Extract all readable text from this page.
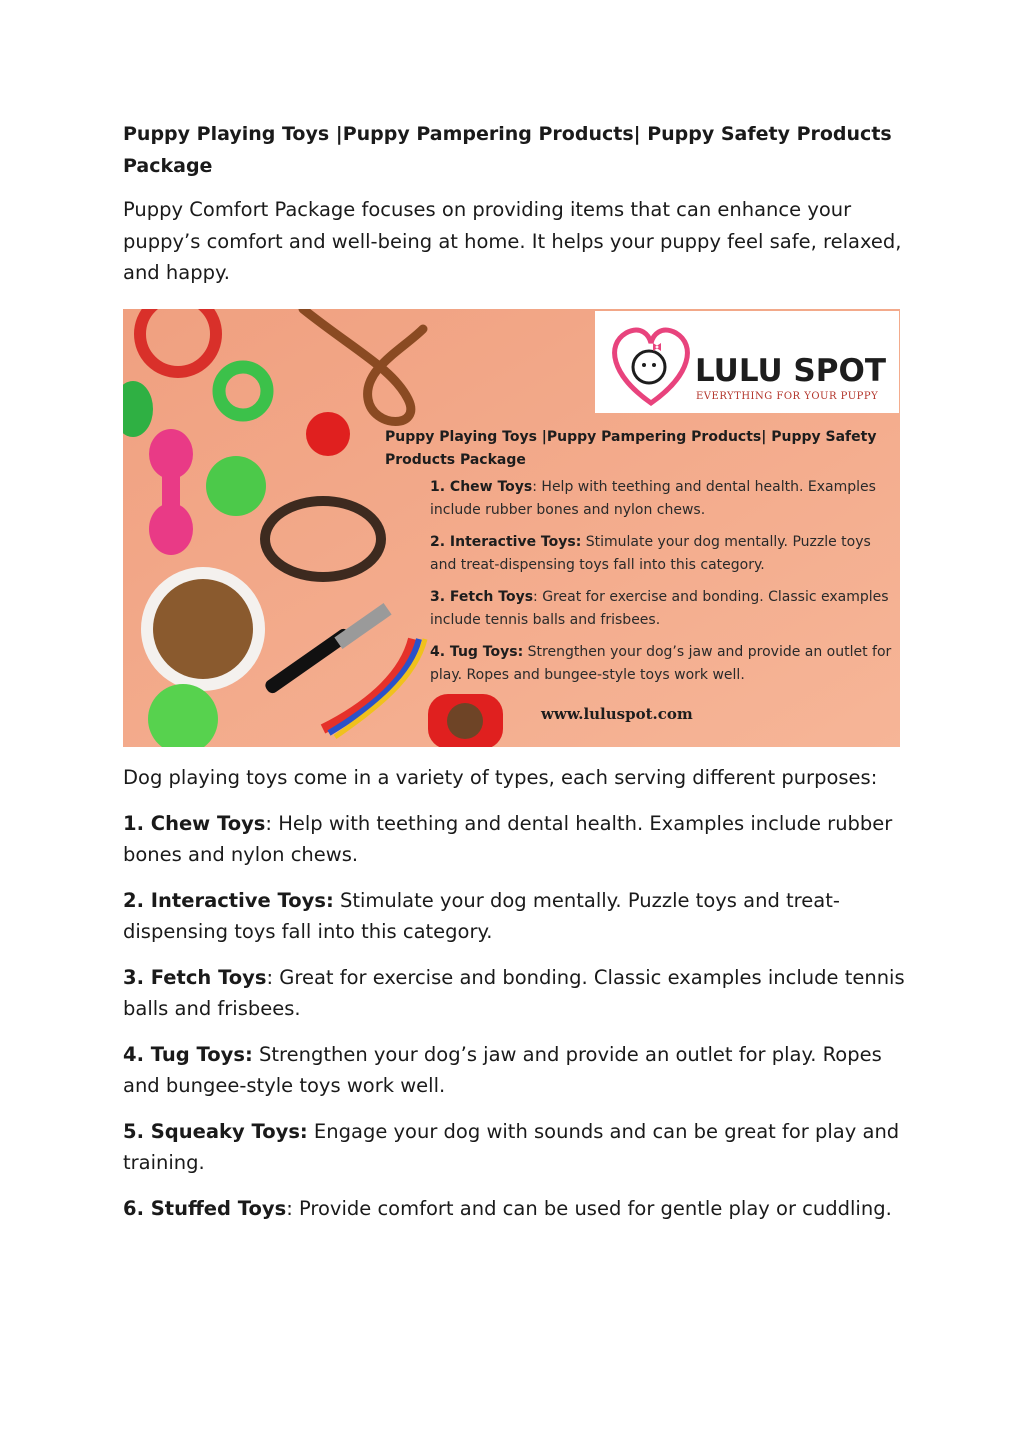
Puppy Playing Toys |Puppy Pampering Products| Puppy Safety Products Package

Puppy Comfort Package focuses on providing items that can enhance your puppy’s comfort and well-being at home. It helps your puppy feel safe, relaxed, and happy.

LULU SPOT
EVERYTHING FOR YOUR PUPPY
Puppy Playing Toys |Puppy Pampering Products| Puppy Safety Products Package
1. Chew Toys: Help with teething and dental health. Examples include rubber bones and nylon chews.
2. Interactive Toys: Stimulate your dog mentally. Puzzle toys and treat-dispensing toys fall into this category.
3. Fetch Toys: Great for exercise and bonding. Classic examples include tennis balls and frisbees.
4. Tug Toys: Strengthen your dog’s jaw and provide an outlet for play. Ropes and bungee-style toys work well.
www.luluspot.com

Dog playing toys come in a variety of types, each serving different purposes:

1. Chew Toys: Help with teething and dental health. Examples include rubber bones and nylon chews.

2. Interactive Toys: Stimulate your dog mentally. Puzzle toys and treat-dispensing toys fall into this category.

3. Fetch Toys: Great for exercise and bonding. Classic examples include tennis balls and frisbees.

4. Tug Toys: Strengthen your dog’s jaw and provide an outlet for play. Ropes and bungee-style toys work well.

5. Squeaky Toys: Engage your dog with sounds and can be great for play and training.

6. Stuffed Toys: Provide comfort and can be used for gentle play or cuddling.
